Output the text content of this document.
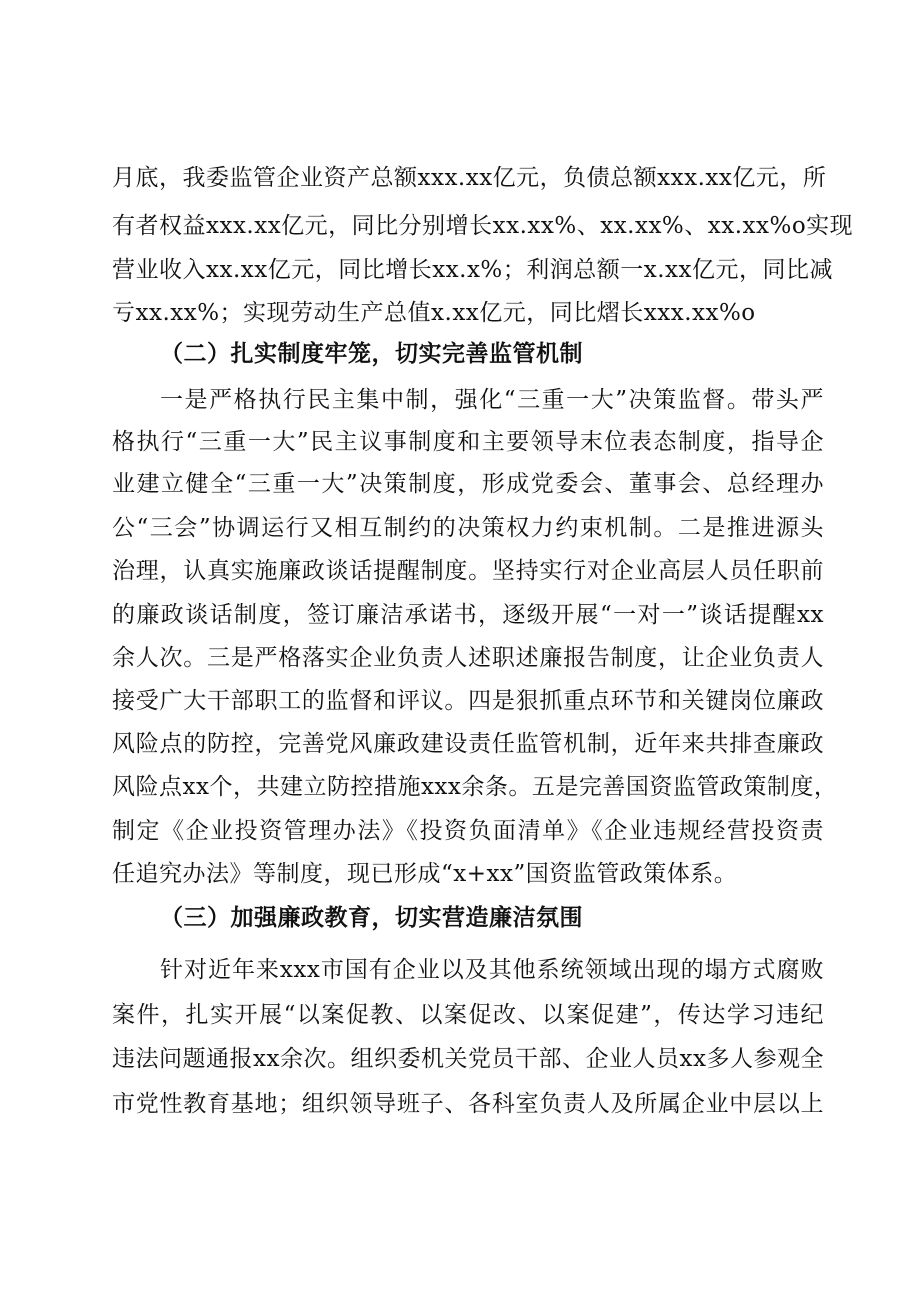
月底，我委监管企业资产总额xxx.xx亿元，负债总额xxx.xx亿元，所
有者权益xxx.xx亿元，同比分别增长xx.xx%、xx.xx%、xx.xx%o实现
营业收入xx.xx亿元，同比增长xx.x%；利润总额一x.xx亿元，同比减
亏xx.xx%；实现劳动生产总值x.xx亿元，同比熠长xxx.xx%o
（二）扎实制度牢笼，切实完善监管机制
一是严格执行民主集中制，强化“三重一大”决策监督。带头严
格执行“三重一大”民主议事制度和主要领导末位表态制度，指导企
业建立健全“三重一大”决策制度，形成党委会、董事会、总经理办
公“三会”协调运行又相互制约的决策权力约束机制。二是推进源头
治理，认真实施廉政谈话提醒制度。坚持实行对企业高层人员任职前
的廉政谈话制度，签订廉洁承诺书，逐级开展“一对一”谈话提醒xx
余人次。三是严格落实企业负责人述职述廉报告制度，让企业负责人
接受广大干部职工的监督和评议。四是狠抓重点环节和关键岗位廉政
风险点的防控，完善党风廉政建设责任监管机制，近年来共排查廉政
风险点xx个，共建立防控措施xxx余条。五是完善国资监管政策制度，
制定《企业投资管理办法》《投资负面清单》《企业违规经营投资责
任追究办法》等制度，现已形成“x+xx”国资监管政策体系。
（三）加强廉政教育，切实营造廉洁氛围
针对近年来xxx市国有企业以及其他系统领域出现的塌方式腐败
案件，扎实开展“以案促教、以案促改、以案促建”，传达学习违纪
违法问题通报xx余次。组织委机关党员干部、企业人员xx多人参观全
市党性教育基地；组织领导班子、各科室负责人及所属企业中层以上
